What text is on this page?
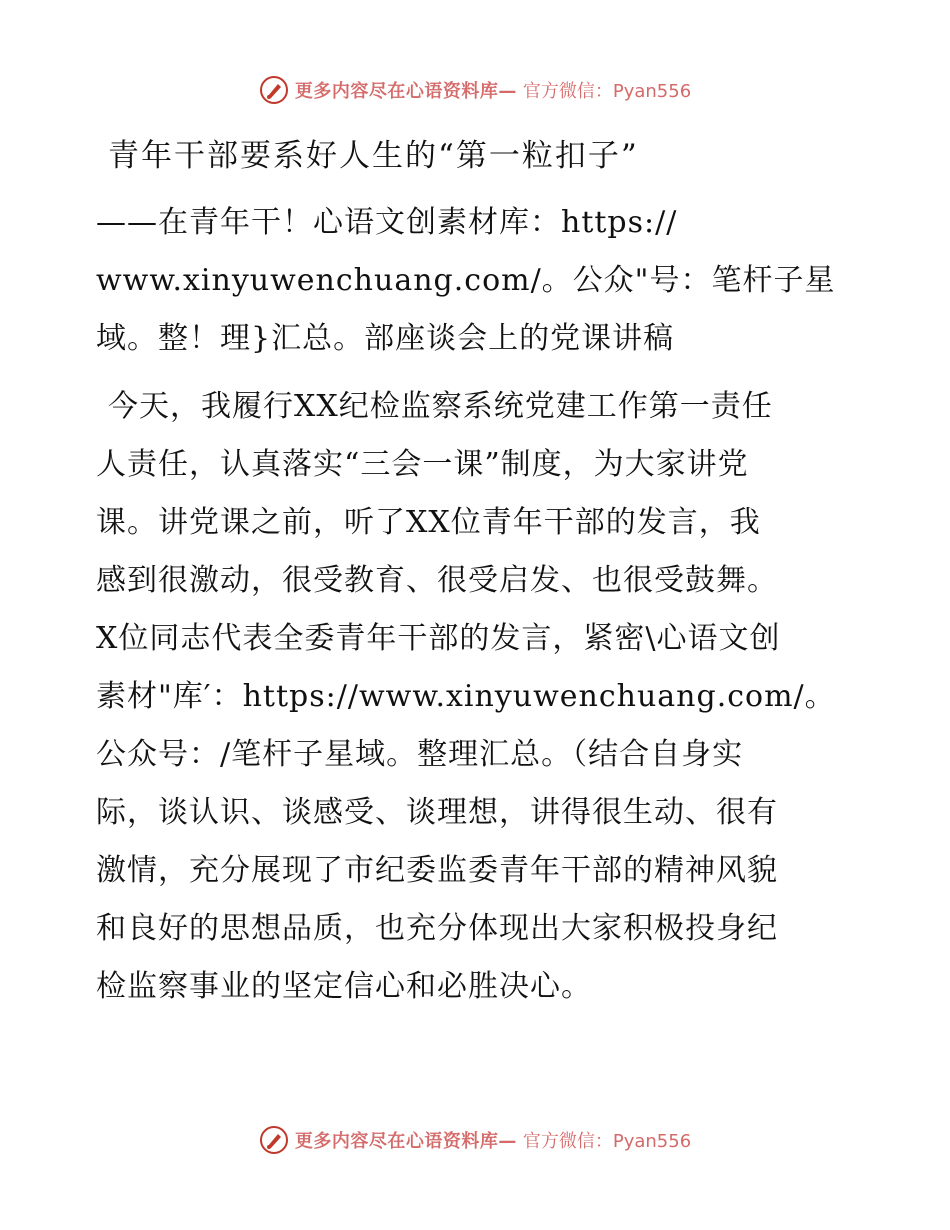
更多内容尽在心语资料库— 官方微信：Pyan556
青年干部要系好人生的“第一粒扣子”
——在青年干！心语文创素材库：https://
www.xinyuwenchuang.com/。公众"号：笔杆子星
域。整！理}汇总。部座谈会上的党课讲稿
今天，我履行XX纪检监察系统党建工作第一责任
人责任，认真落实“三会一课”制度，为大家讲党
课。讲党课之前，听了XX位青年干部的发言，我
感到很激动，很受教育、很受启发、也很受鼓舞。
X位同志代表全委青年干部的发言，紧密\心语文创
素材"库′：https://www.xinyuwenchuang.com/。
公众号：/笔杆子星域。整理汇总。（结合自身实
际，谈认识、谈感受、谈理想，讲得很生动、很有
激情，充分展现了市纪委监委青年干部的精神风貌
和良好的思想品质，也充分体现出大家积极投身纪
检监察事业的坚定信心和必胜决心。
更多内容尽在心语资料库— 官方微信：Pyan556
